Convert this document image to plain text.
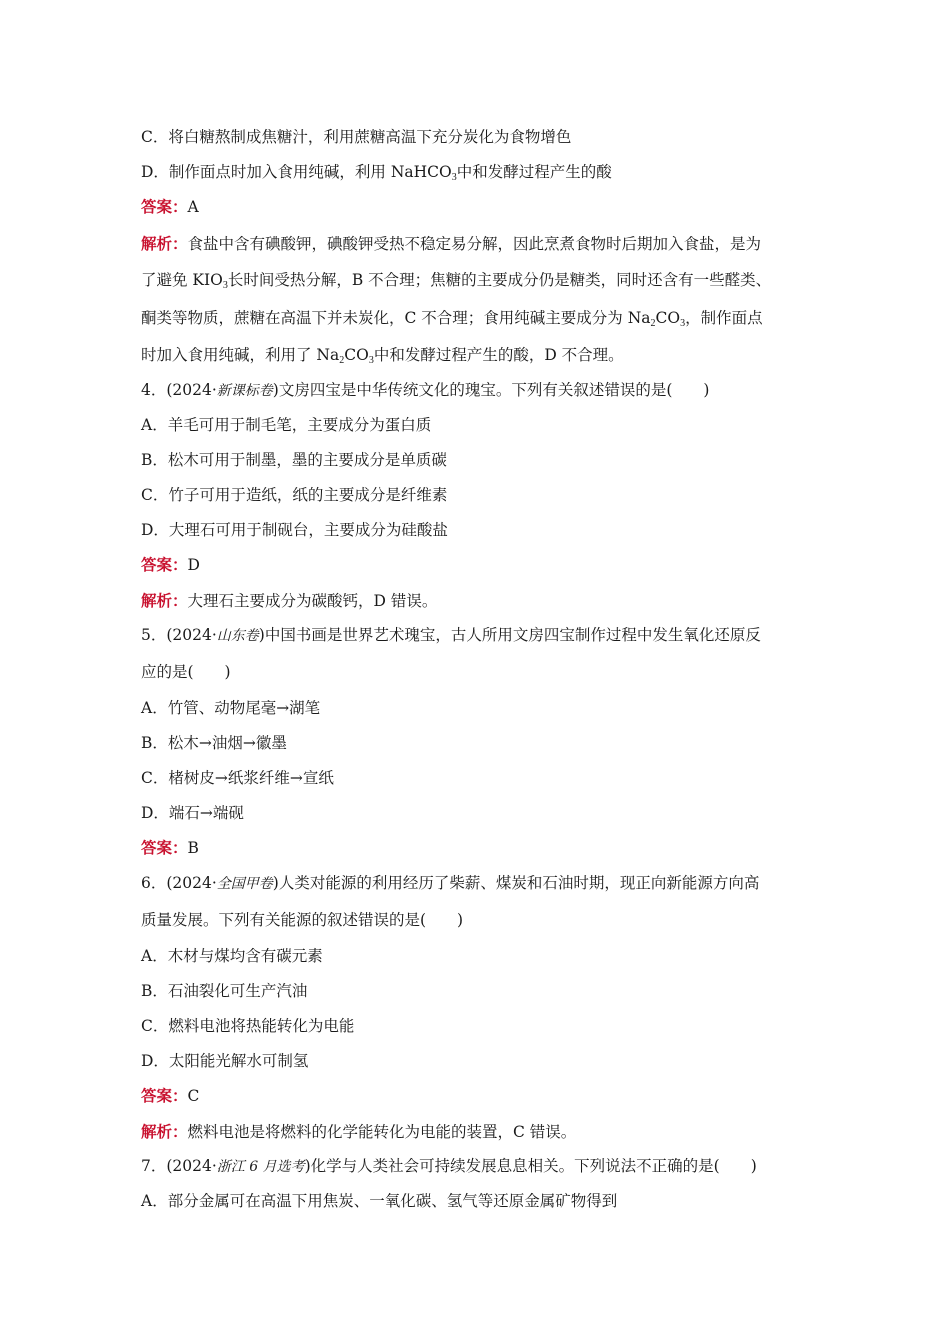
C．将白糖熬制成焦糖汁，利用蔗糖高温下充分炭化为食物增色
D．制作面点时加入食用纯碱，利用 NaHCO$_3$中和发酵过程产生的酸
答案：A
解析：食盐中含有碘酸钾，碘酸钾受热不稳定易分解，因此烹煮食物时后期加入食盐，是为
了避免 $KIO_3$长时间受热分解，B 不合理；焦糖的主要成分仍是糖类，同时还含有一些醛类、
酮类等物质，蔗糖在高温下并未炭化，C 不合理；食用纯碱主要成分为 $Na_2CO_3$，制作面点
时加入食用纯碱，利用了 $Na_2CO_3$中和发酵过程产生的酸，D 不合理。
4．(2024·新课标卷)文房四宝是中华传统文化的瑰宝。下列有关叙述错误的是(　　)
A．羊毛可用于制毛笔，主要成分为蛋白质
B．松木可用于制墨，墨的主要成分是单质碳
C．竹子可用于造纸，纸的主要成分是纤维素
D．大理石可用于制砚台，主要成分为硅酸盐
答案：D
解析：大理石主要成分为碳酸钙，D 错误。
5．(2024·山东卷)中国书画是世界艺术瑰宝，古人所用文房四宝制作过程中发生氧化还原反
应的是(　　)
A．竹管、动物尾毫→湖笔
B．松木→油烟→徽墨
C．楮树皮→纸浆纤维→宣纸
D．端石→端砚
答案：B
6．(2024·全国甲卷)人类对能源的利用经历了柴薪、煤炭和石油时期，现正向新能源方向高
质量发展。下列有关能源的叙述错误的是(　　)
A．木材与煤均含有碳元素
B．石油裂化可生产汽油
C．燃料电池将热能转化为电能
D．太阳能光解水可制氢
答案：C
解析：燃料电池是将燃料的化学能转化为电能的装置，C 错误。
7．(2024·浙江 6 月选考)化学与人类社会可持续发展息息相关。下列说法不正确的是(　　)
A．部分金属可在高温下用焦炭、一氧化碳、氢气等还原金属矿物得到
